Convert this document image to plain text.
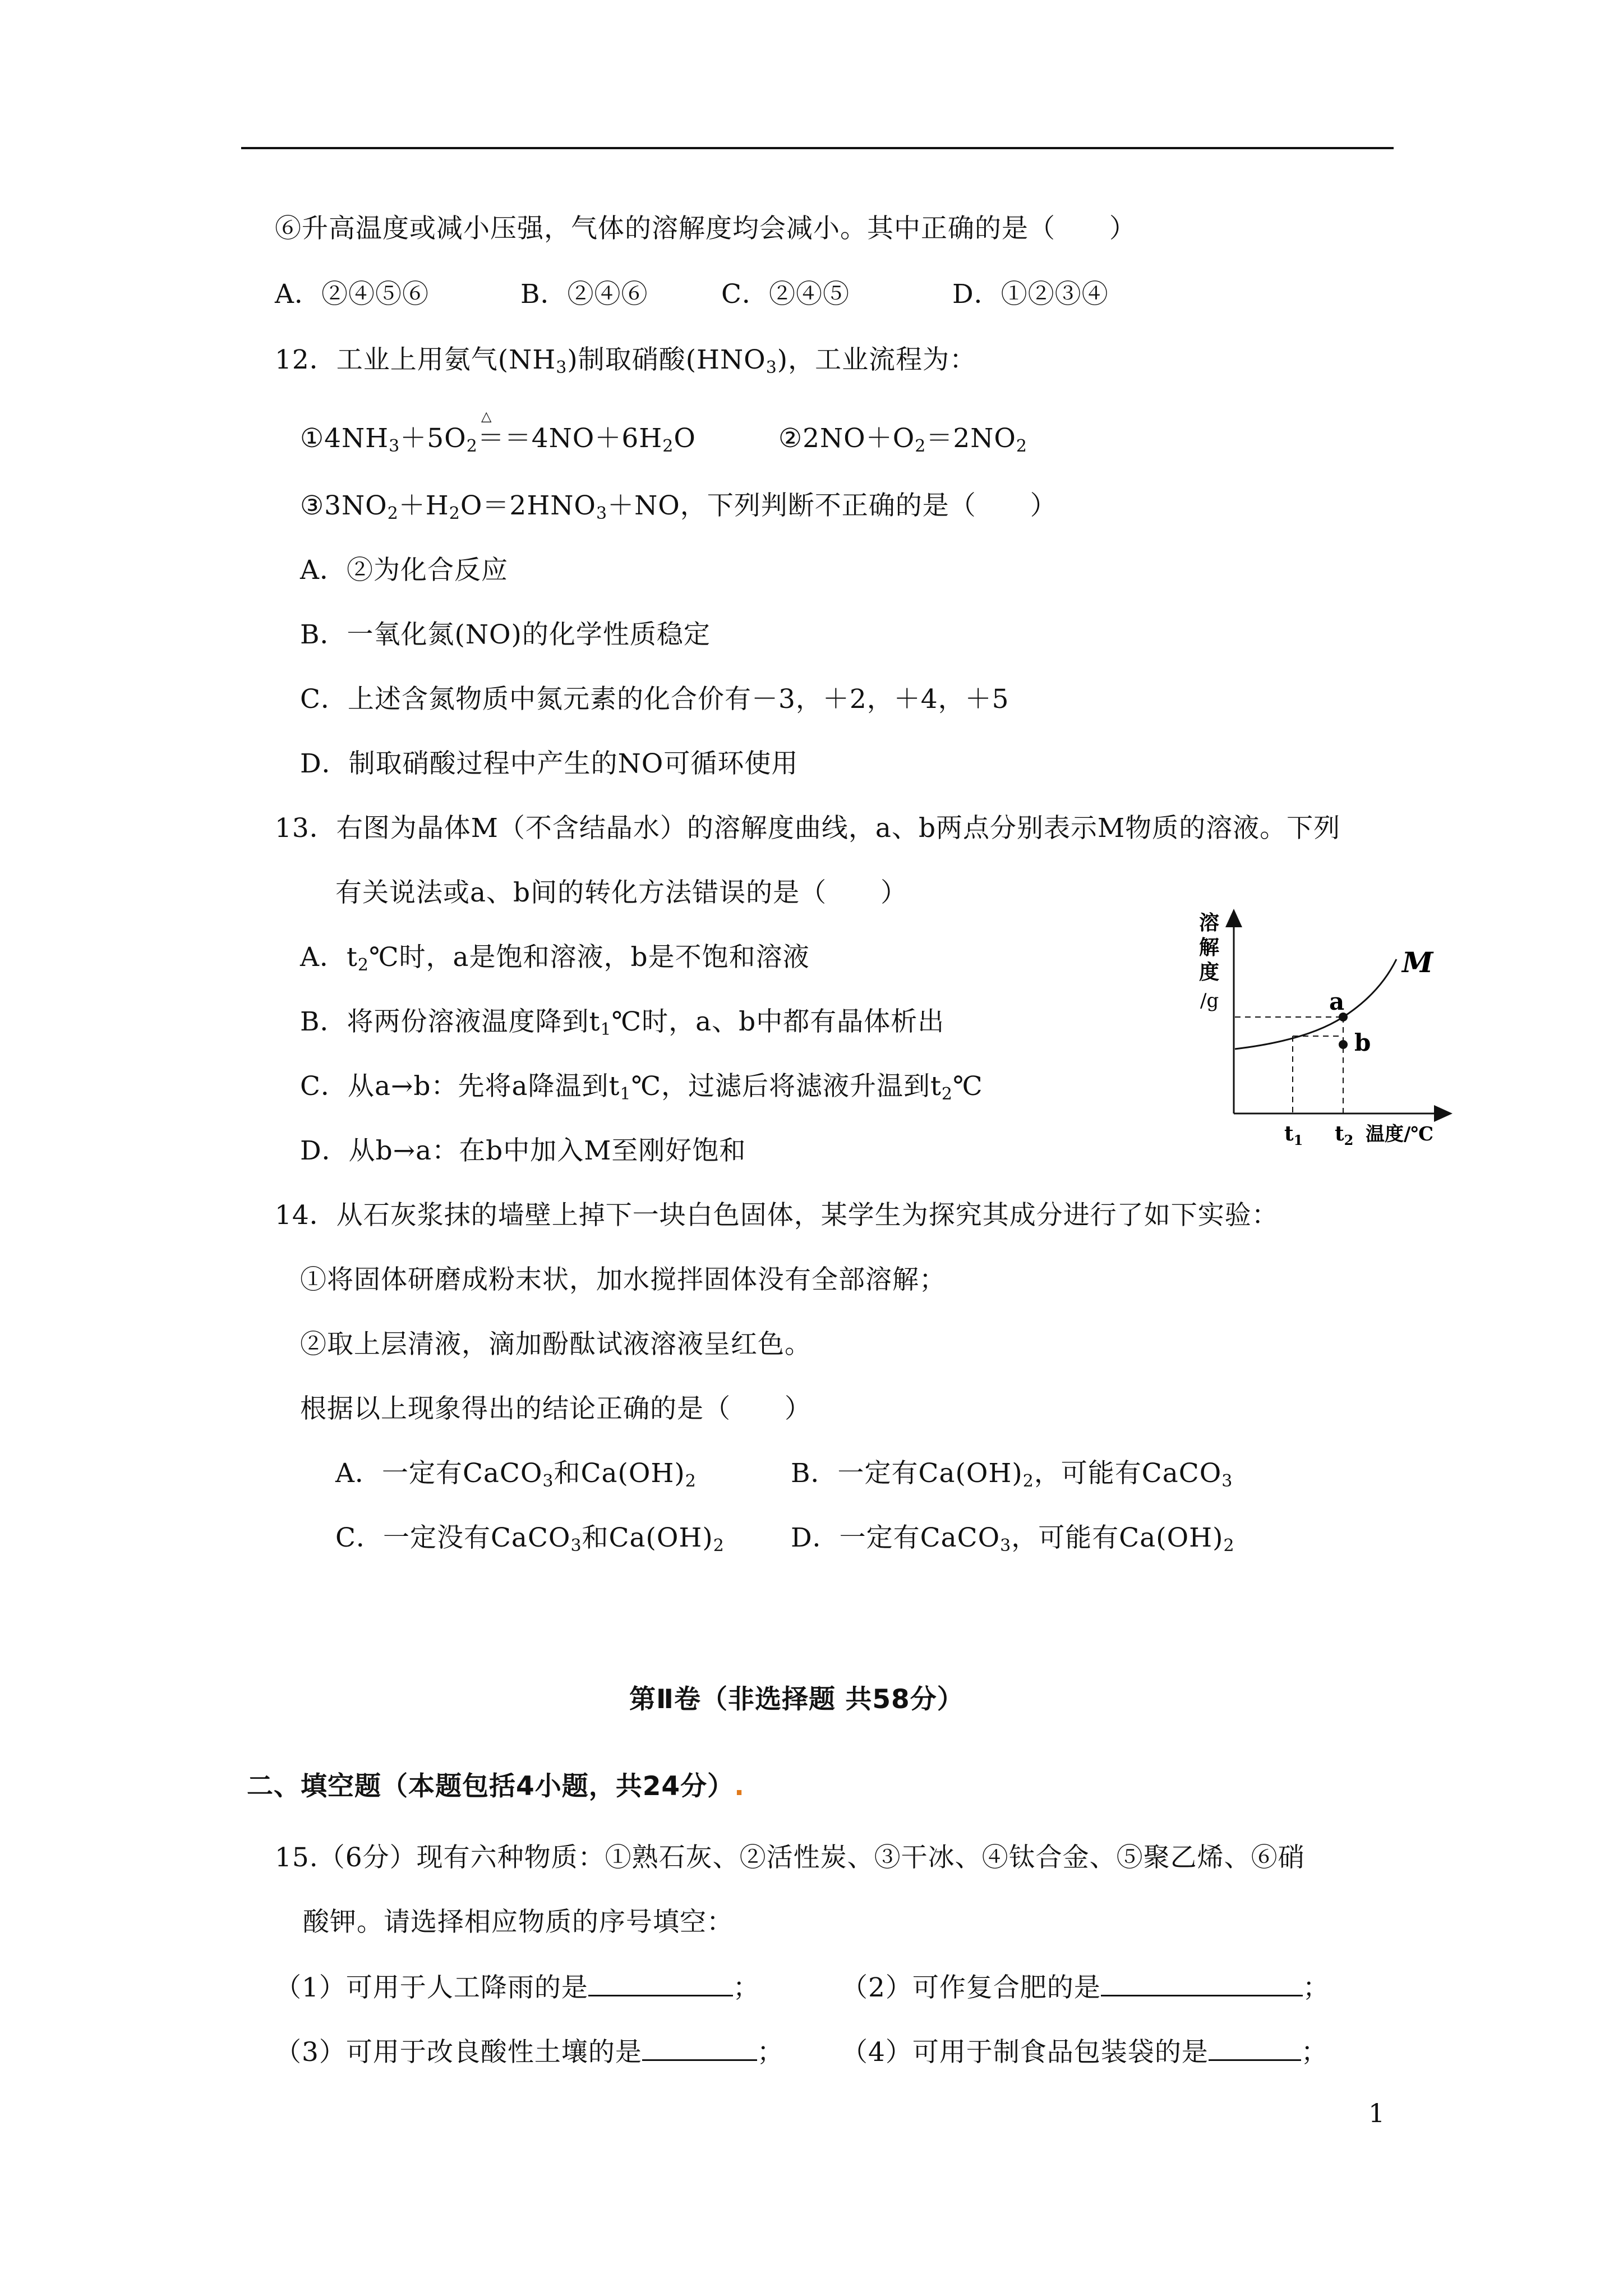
⑥升高温度或减小压强，气体的溶解度均会减小。其中正确的是（　　）
A．②④⑤⑥	B．②④⑥	C．②④⑤	D．①②③④
12．工业上用氨气$(NH_3)$制取硝酸$(HNO_3)$，工业流程为：
△
$①4NH_3+5O_2==4NO+6H_2O$	$②2NO+O_2=2NO_2$
$③3NO_2+H_2O=2HNO_3+NO$，下列判断不正确的是（　　）
A．②为化合反应
B．一氧化氮(NO)的化学性质稳定
C．上述含氮物质中氮元素的化合价有－3，＋2，＋4，＋5
D．制取硝酸过程中产生的NO可循环使用
13．右图为晶体M（不含结晶水）的溶解度曲线，a、b两点分别表示M物质的溶液。下列
有关说法或a、b间的转化方法错误的是（　　）
A．$t_2℃$时，a是饱和溶液，b是不饱和溶液
B．将两份溶液温度降到$t_1℃$时，a、b中都有晶体析出
C．从a→b：先将a降温到$t_1℃$，过滤后将滤液升温到$t_2℃$
D．从b→a：在b中加入M至刚好饱和
溶
解
度
/g
M
a
b
$t_1$ $t_2$ 温度/℃
14．从石灰浆抹的墙壁上掉下一块白色固体，某学生为探究其成分进行了如下实验：
①将固体研磨成粉末状，加水搅拌固体没有全部溶解；
②取上层清液，滴加酚酞试液溶液呈红色。
根据以上现象得出的结论正确的是（　　）
A．一定有CaCO$_3$和$Ca(OH)_2$	B．一定有$Ca(OH)_2$，可能有CaCO$_3$
C．一定没有CaCO$_3$和$Ca(OH)_2$	D．一定有CaCO$_3$，可能有$Ca(OH)_2$
第Ⅱ卷（非选择题 共58分）
二、填空题（本题包括4小题，共24分）.
15.（6分）现有六种物质：①熟石灰、②活性炭、③干冰、④钛合金、⑤聚乙烯、⑥硝
酸钾。请选择相应物质的序号填空：
（1）可用于人工降雨的是	；	（2）可作复合肥的是	；
（3）可用于改良酸性土壤的是	； （4）可用于制食品包装袋的是	；
1
